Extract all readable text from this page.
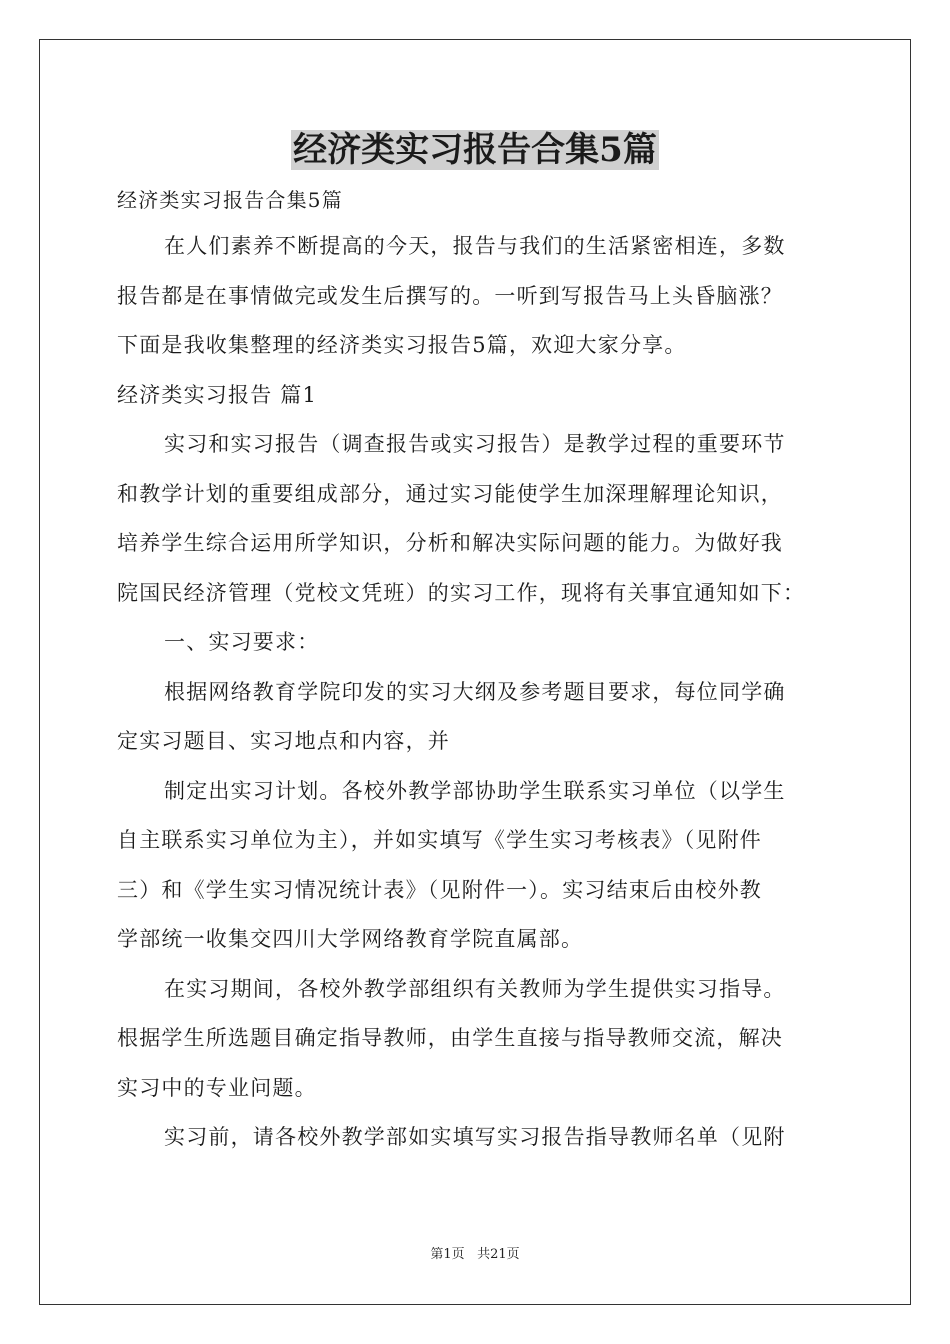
经济类实习报告合集5篇

经济类实习报告合集5篇

在人们素养不断提高的今天，报告与我们的生活紧密相连，多数

报告都是在事情做完或发生后撰写的。一听到写报告马上头昏脑涨？

下面是我收集整理的经济类实习报告5篇，欢迎大家分享。

经济类实习报告 篇1

实习和实习报告（调查报告或实习报告）是教学过程的重要环节

和教学计划的重要组成部分，通过实习能使学生加深理解理论知识，

培养学生综合运用所学知识，分析和解决实际问题的能力。为做好我

院国民经济管理（党校文凭班）的实习工作，现将有关事宜通知如下：

一、实习要求：

根据网络教育学院印发的实习大纲及参考题目要求，每位同学确

定实习题目、实习地点和内容，并

制定出实习计划。各校外教学部协助学生联系实习单位（以学生

自主联系实习单位为主），并如实填写《学生实习考核表》（见附件

三）和《学生实习情况统计表》（见附件一）。实习结束后由校外教

学部统一收集交四川大学网络教育学院直属部。

在实习期间，各校外教学部组织有关教师为学生提供实习指导。

根据学生所选题目确定指导教师，由学生直接与指导教师交流，解决

实习中的专业问题。

实习前，请各校外教学部如实填写实习报告指导教师名单（见附

第1页 共21页
